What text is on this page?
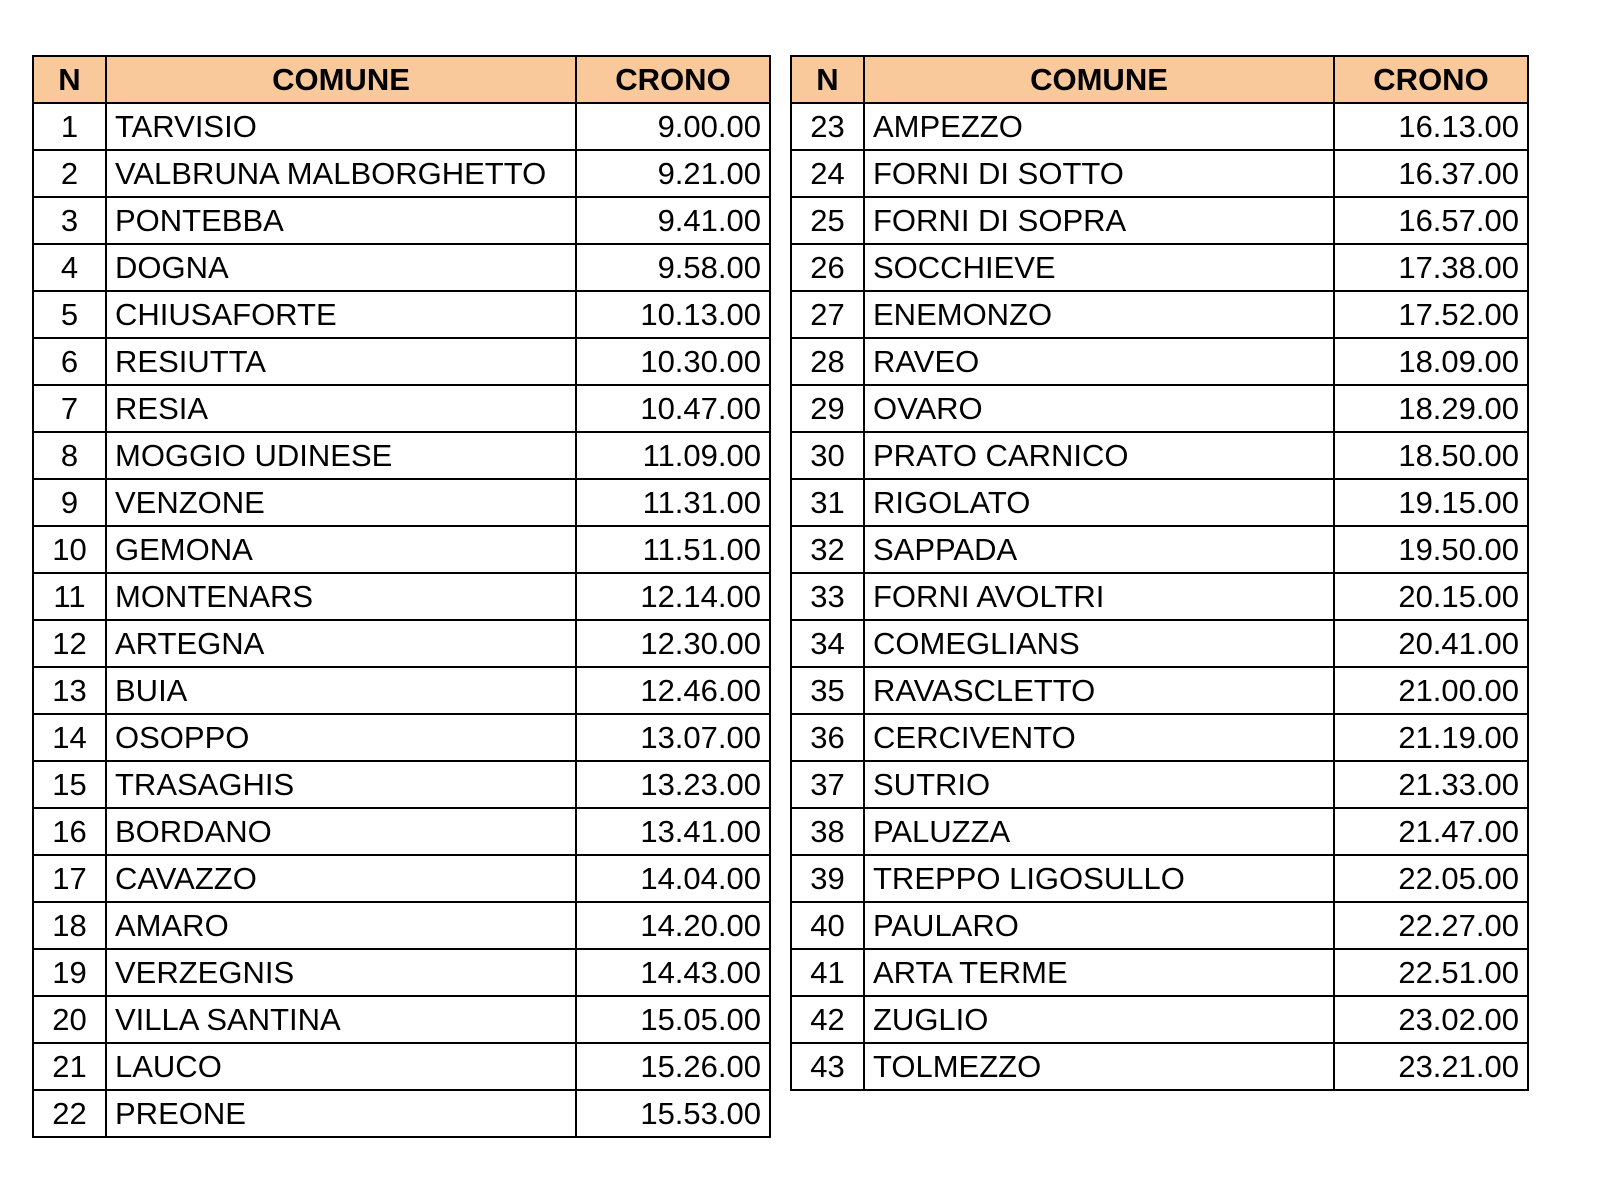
N	COMUNE	CRONO
1	TARVISIO	9.00.00
2	VALBRUNA MALBORGHETTO	9.21.00
3	PONTEBBA	9.41.00
4	DOGNA	9.58.00
5	CHIUSAFORTE	10.13.00
6	RESIUTTA	10.30.00
7	RESIA	10.47.00
8	MOGGIO UDINESE	11.09.00
9	VENZONE	11.31.00
10	GEMONA	11.51.00
11	MONTENARS	12.14.00
12	ARTEGNA	12.30.00
13	BUIA	12.46.00
14	OSOPPO	13.07.00
15	TRASAGHIS	13.23.00
16	BORDANO	13.41.00
17	CAVAZZO	14.04.00
18	AMARO	14.20.00
19	VERZEGNIS	14.43.00
20	VILLA SANTINA	15.05.00
21	LAUCO	15.26.00
22	PREONE	15.53.00
N	COMUNE	CRONO
23	AMPEZZO	16.13.00
24	FORNI DI SOTTO	16.37.00
25	FORNI DI SOPRA	16.57.00
26	SOCCHIEVE	17.38.00
27	ENEMONZO	17.52.00
28	RAVEO	18.09.00
29	OVARO	18.29.00
30	PRATO CARNICO	18.50.00
31	RIGOLATO	19.15.00
32	SAPPADA	19.50.00
33	FORNI AVOLTRI	20.15.00
34	COMEGLIANS	20.41.00
35	RAVASCLETTO	21.00.00
36	CERCIVENTO	21.19.00
37	SUTRIO	21.33.00
38	PALUZZA	21.47.00
39	TREPPO LIGOSULLO	22.05.00
40	PAULARO	22.27.00
41	ARTA TERME	22.51.00
42	ZUGLIO	23.02.00
43	TOLMEZZO	23.21.00
